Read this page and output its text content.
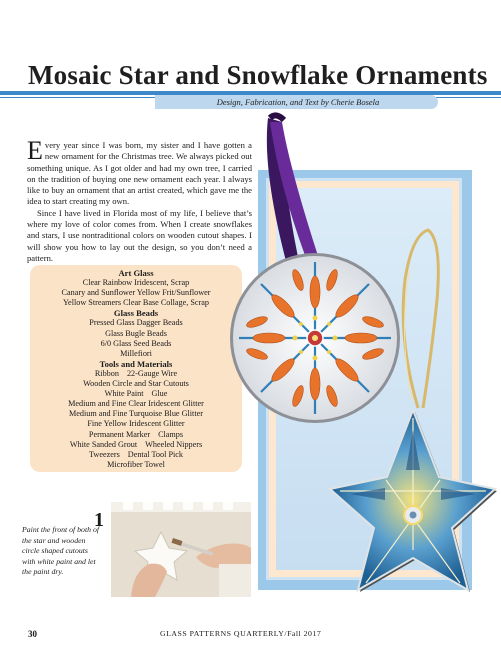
Mosaic Star and Snowflake Ornaments
Design, Fabrication, and Text by Cherie Bosela

Every year since I was born, my sister and I have gotten a new ornament for the Christmas tree. We always picked out something unique. As I got older and had my own tree, I carried on the tradition of buying one new ornament each year. I always like to buy an ornament that an artist created, which gave me the idea to start creating my own.

Since I have lived in Florida most of my life, I believe that’s where my love of color comes from. When I create snowflakes and stars, I use nontraditional colors on wooden cutout shapes. I will show you how to lay out the design, so you don’t need a pattern.

Art Glass
Clear Rainbow Iridescent, Scrap
Canary and Sunflower Yellow Frit/Sunflower
Yellow Streamers Clear Base Collage, Scrap
Glass Beads
Pressed Glass Dagger Beads
Glass Bugle Beads
6/0 Glass Seed Beads
Millefiori
Tools and Materials
Ribbon 22-Gauge Wire
Wooden Circle and Star Cutouts
White Paint Glue
Medium and Fine Clear Iridescent Glitter
Medium and Fine Turquoise Blue Glitter
Fine Yellow Iridescent Glitter
Permanent Marker Clamps
White Sanded Grout Wheeled Nippers
Tweezers Dental Tool Pick
Microfiber Towel
1
Paint the front of both of the star and wooden circle shaped cutouts with white paint and let the paint dry.
30	GLASS PATTERNS QUARTERLY/Fall 2017
